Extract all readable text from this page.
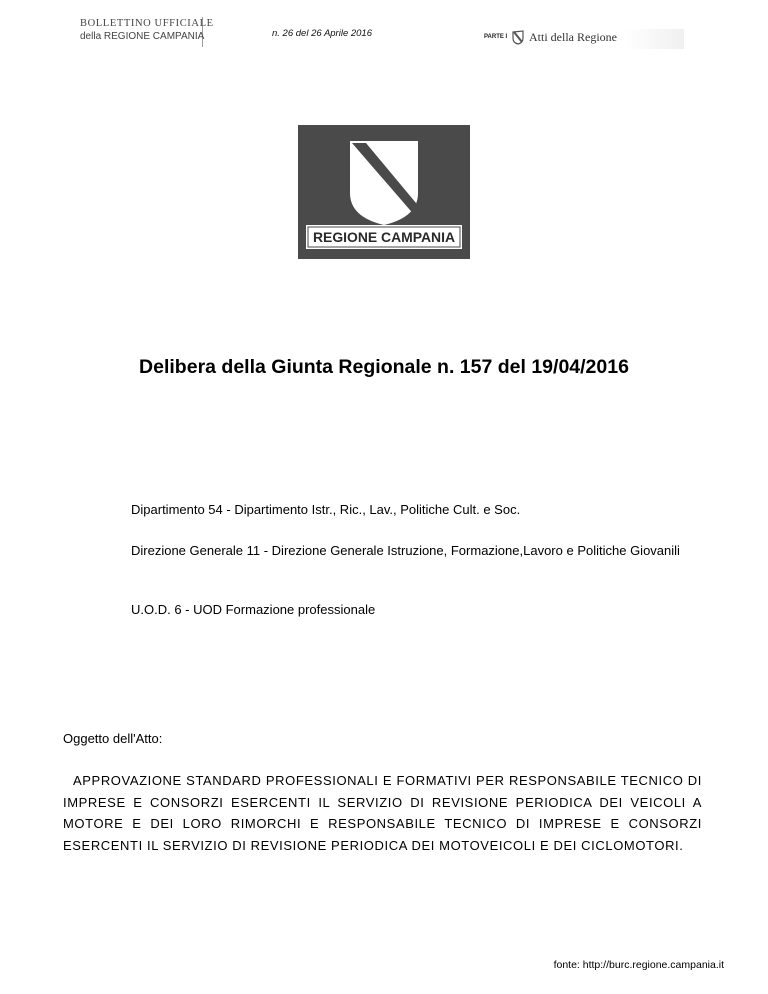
BOLLETTINO UFFICIALE
della REGIONE CAMPANIA	n. 26 del 26 Aprile 2016	PARTE I Atti della Regione
REGIONE CAMPANIA
Delibera della Giunta Regionale n. 157 del 19/04/2016
Dipartimento 54 - Dipartimento Istr., Ric., Lav., Politiche Cult. e Soc.
Direzione Generale 11 - Direzione Generale Istruzione, Formazione,Lavoro e Politiche Giovanili
U.O.D. 6 - UOD Formazione professionale
Oggetto dell'Atto:
APPROVAZIONE STANDARD PROFESSIONALI E FORMATIVI PER RESPONSABILE TECNICO DI IMPRESE E CONSORZI ESERCENTI IL SERVIZIO DI REVISIONE PERIODICA DEI VEICOLI A MOTORE E DEI LORO RIMORCHI E RESPONSABILE TECNICO DI IMPRESE E CONSORZI ESERCENTI IL SERVIZIO DI REVISIONE PERIODICA DEI MOTOVEICOLI E DEI CICLOMOTORI.
fonte: http://burc.regione.campania.it
